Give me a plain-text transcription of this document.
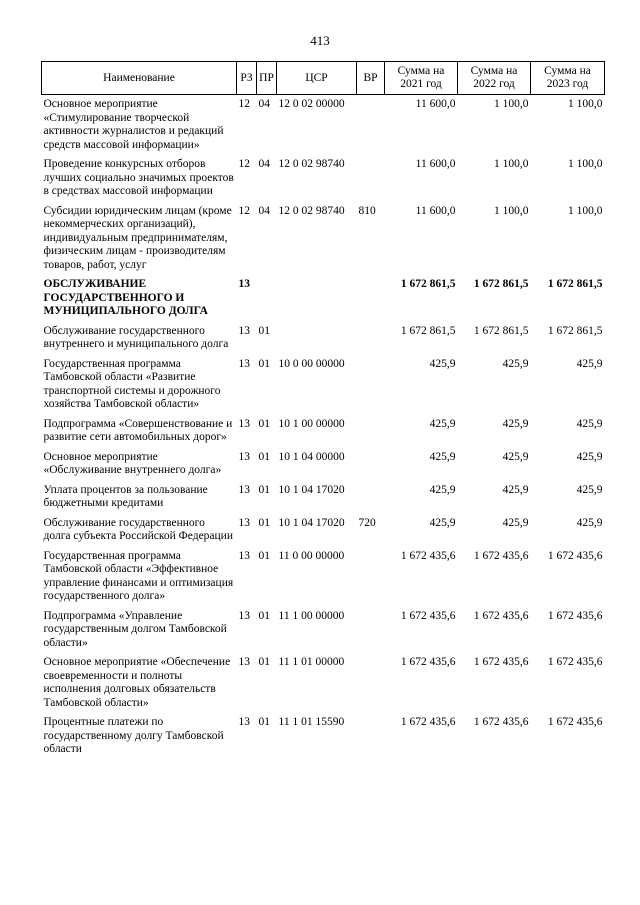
413
Наименование	РЗ	ПР	ЦСР	ВР	Сумма на 2021 год	Сумма на 2022 год	Сумма на 2023 год
Основное мероприятие «Стимулирование творческой активности журналистов и редакций средств массовой информации»	12	04	12 0 02 00000		11 600,0	1 100,0	1 100,0
Проведение конкурсных отборов лучших социально значимых проектов в средствах массовой информации	12	04	12 0 02 98740		11 600,0	1 100,0	1 100,0
Субсидии юридическим лицам (кроме некоммерческих организаций), индивидуальным предпринимателям, физическим лицам - производителям товаров, работ, услуг	12	04	12 0 02 98740	810	11 600,0	1 100,0	1 100,0
ОБСЛУЖИВАНИЕ ГОСУДАРСТВЕННОГО И МУНИЦИПАЛЬНОГО ДОЛГА	13				1 672 861,5	1 672 861,5	1 672 861,5
Обслуживание государственного внутреннего и муниципального долга	13	01			1 672 861,5	1 672 861,5	1 672 861,5
Государственная программа Тамбовской области «Развитие транспортной системы и дорожного хозяйства Тамбовской области»	13	01	10 0 00 00000		425,9	425,9	425,9
Подпрограмма «Совершенствование и развитие сети автомобильных дорог»	13	01	10 1 00 00000		425,9	425,9	425,9
Основное мероприятие «Обслуживание внутреннего долга»	13	01	10 1 04 00000		425,9	425,9	425,9
Уплата процентов за пользование бюджетными кредитами	13	01	10 1 04 17020		425,9	425,9	425,9
Обслуживание государственного долга субъекта Российской Федерации	13	01	10 1 04 17020	720	425,9	425,9	425,9
Государственная программа Тамбовской области «Эффективное управление финансами и оптимизация государственного долга»	13	01	11 0 00 00000		1 672 435,6	1 672 435,6	1 672 435,6
Подпрограмма «Управление государственным долгом Тамбовской области»	13	01	11 1 00 00000		1 672 435,6	1 672 435,6	1 672 435,6
Основное мероприятие «Обеспечение своевременности и полноты исполнения долговых обязательств Тамбовской области»	13	01	11 1 01 00000		1 672 435,6	1 672 435,6	1 672 435,6
Процентные платежи по государственному долгу Тамбовской области	13	01	11 1 01 15590		1 672 435,6	1 672 435,6	1 672 435,6
